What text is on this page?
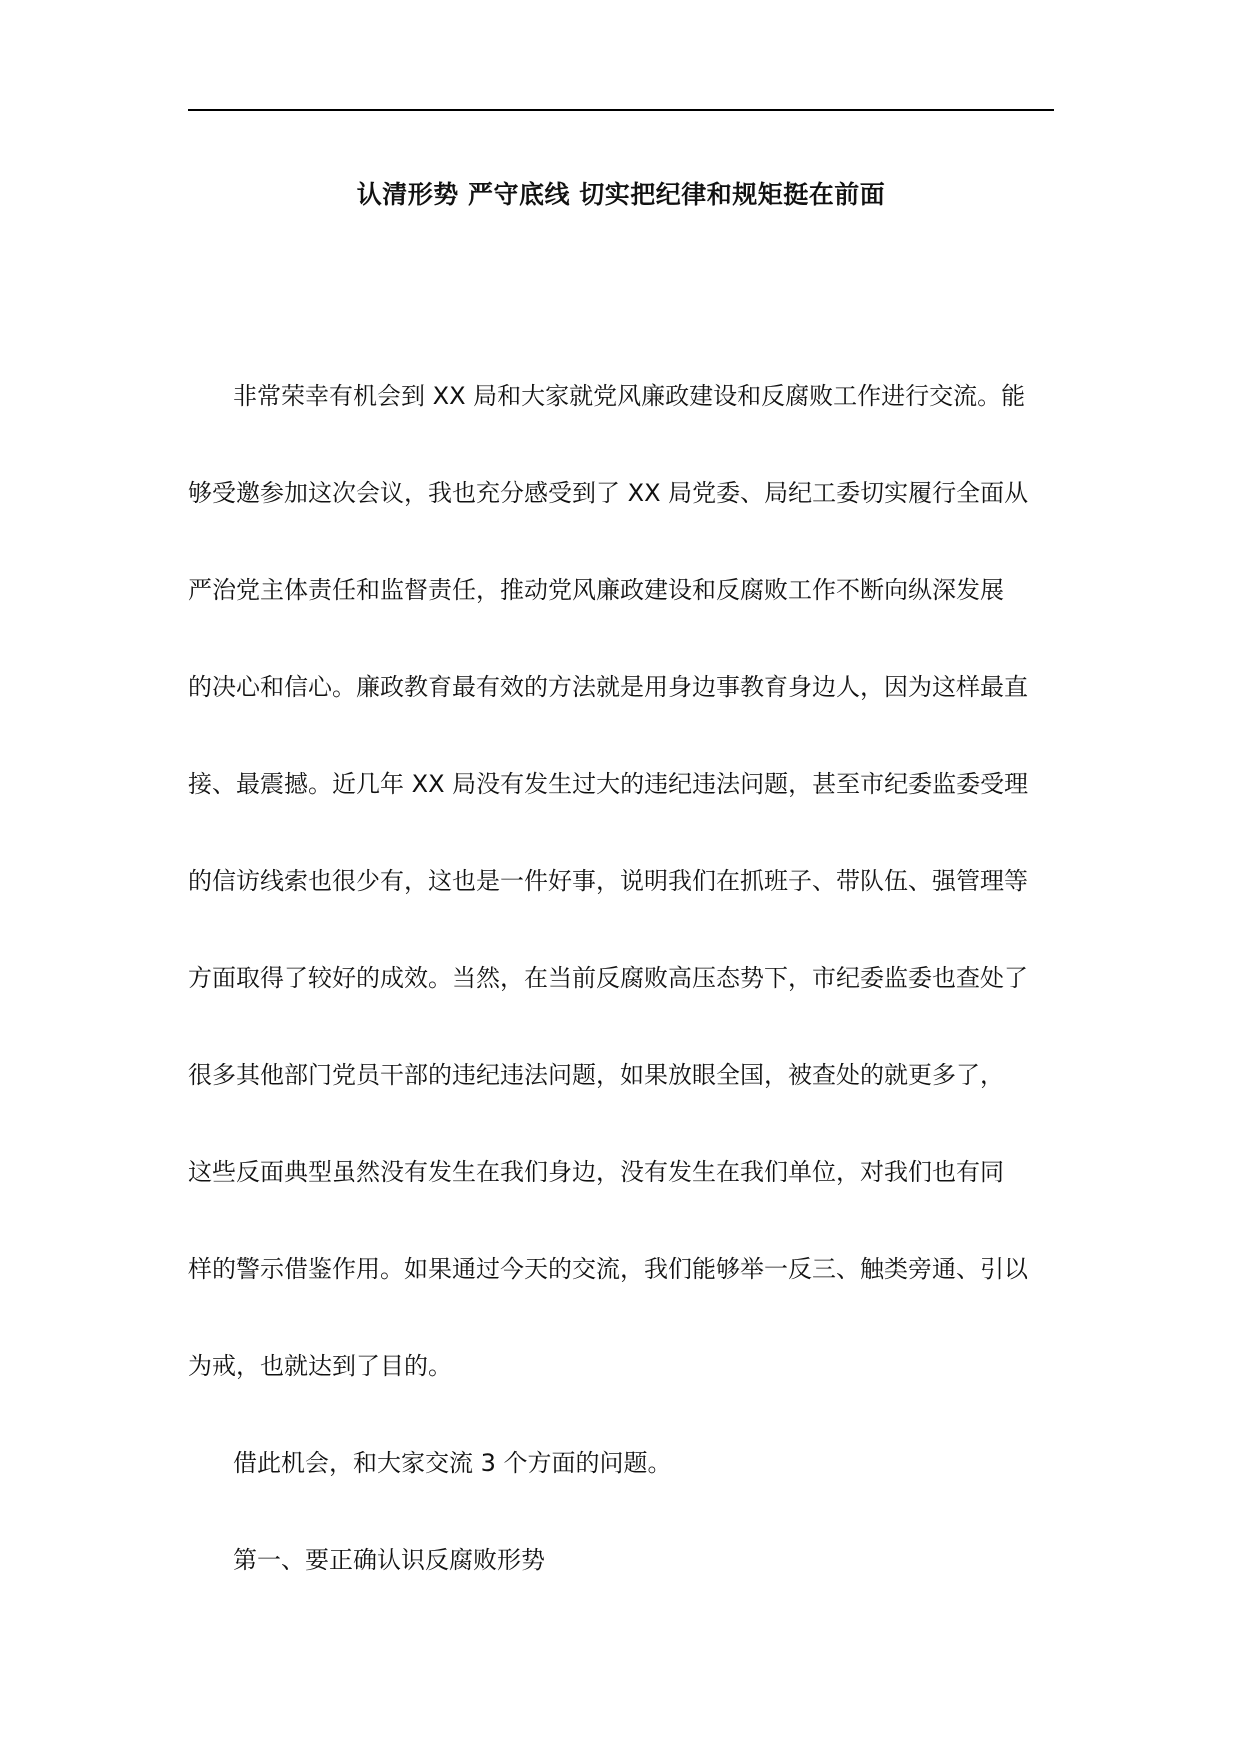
认清形势 严守底线 切实把纪律和规矩挺在前面
非常荣幸有机会到 XX 局和大家就党风廉政建设和反腐败工作进行交流。能
够受邀参加这次会议，我也充分感受到了 XX 局党委、局纪工委切实履行全面从
严治党主体责任和监督责任，推动党风廉政建设和反腐败工作不断向纵深发展
的决心和信心。廉政教育最有效的方法就是用身边事教育身边人，因为这样最直
接、最震撼。近几年 XX 局没有发生过大的违纪违法问题，甚至市纪委监委受理
的信访线索也很少有，这也是一件好事，说明我们在抓班子、带队伍、强管理等
方面取得了较好的成效。当然，在当前反腐败高压态势下，市纪委监委也查处了
很多其他部门党员干部的违纪违法问题，如果放眼全国，被查处的就更多了，
这些反面典型虽然没有发生在我们身边，没有发生在我们单位，对我们也有同
样的警示借鉴作用。如果通过今天的交流，我们能够举一反三、触类旁通、引以
为戒，也就达到了目的。
借此机会，和大家交流 3 个方面的问题。
第一、要正确认识反腐败形势
